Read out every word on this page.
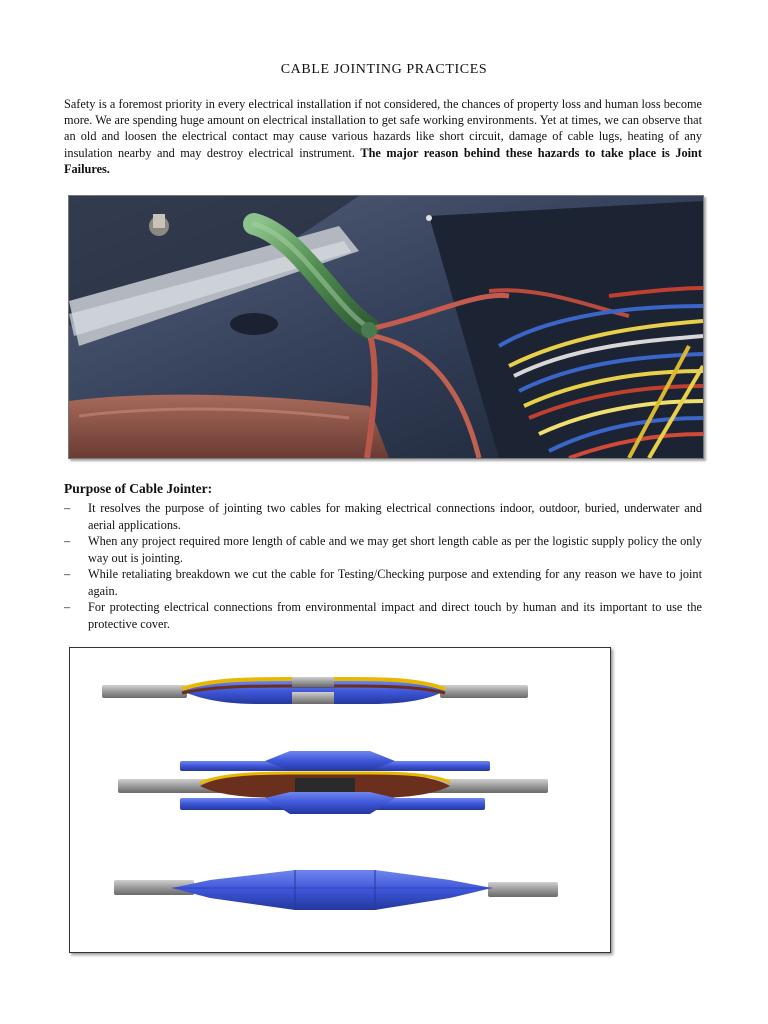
CABLE JOINTING PRACTICES

Safety is a foremost priority in every electrical installation if not considered, the chances of property loss and human loss become more. We are spending huge amount on electrical installation to get safe working environments. Yet at times, we can observe that an old and loosen the electrical contact may cause various hazards like short circuit, damage of cable lugs, heating of any insulation nearby and may destroy electrical instrument. The major reason behind these hazards to take place is Joint Failures.

Purpose of Cable Jointer:
– It resolves the purpose of jointing two cables for making electrical connections indoor, outdoor, buried, underwater and aerial applications.
– When any project required more length of cable and we may get short length cable as per the logistic supply policy the only way out is jointing.
– While retaliating breakdown we cut the cable for Testing/Checking purpose and extending for any reason we have to joint again.
– For protecting electrical connections from environmental impact and direct touch by human and its important to use the protective cover.
